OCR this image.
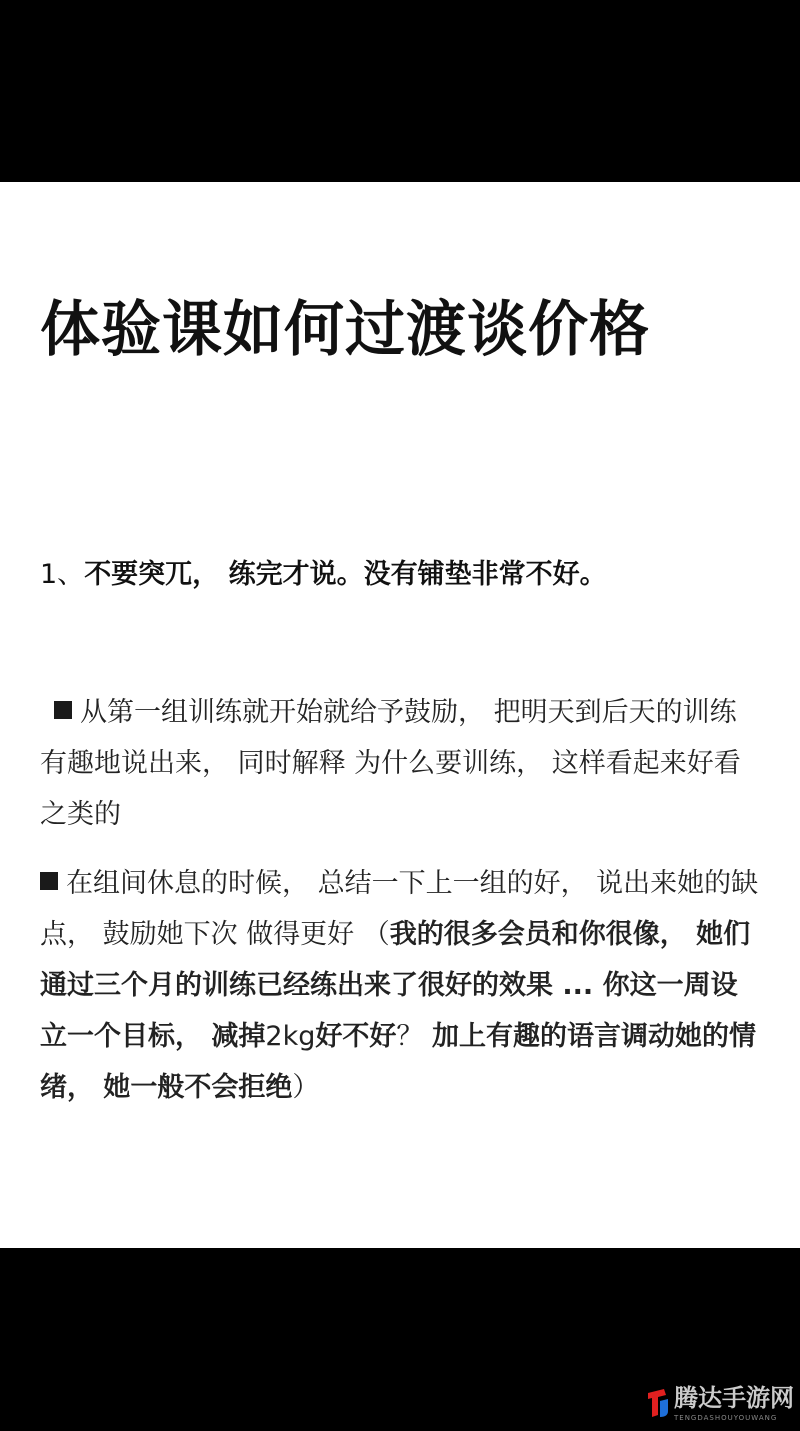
体验课如何过渡谈价格

1、不要突兀， 练完才说。没有铺垫非常不好。

从第一组训练就开始就给予鼓励， 把明天到后天的训练有趣地说出来， 同时解释 为什么要训练， 这样看起来好看之类的

在组间休息的时候， 总结一下上一组的好， 说出来她的缺点， 鼓励她下次 做得更好 （我的很多会员和你很像， 她们通过三个月的训练已经练出来了很好的效果 ... 你这一周设立一个目标， 减掉2kg好不好？ 加上有趣的语言调动她的情绪， 她一般不会拒绝）

腾达手游网
TENGDASHOUYOUWANG
